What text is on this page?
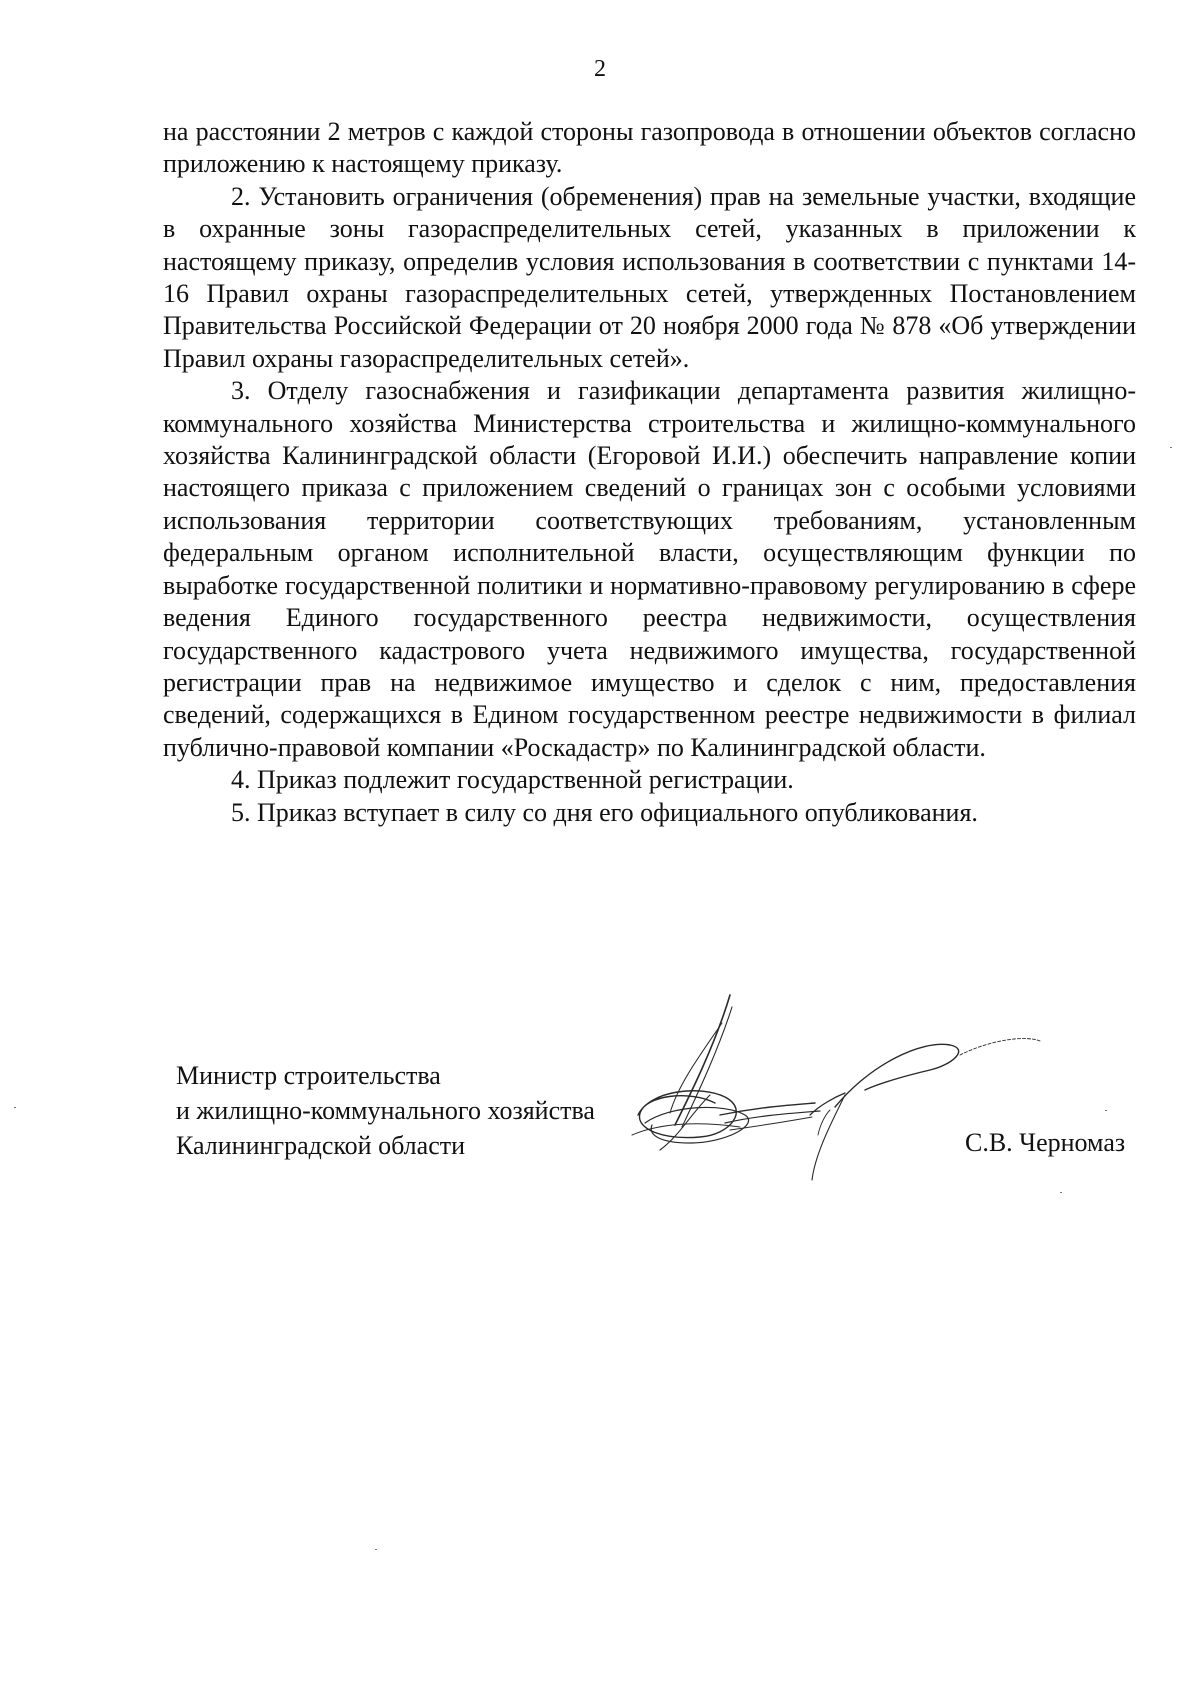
2

на расстоянии 2 метров с каждой стороны газопровода в отношении объектов согласно приложению к настоящему приказу.

2. Установить ограничения (обременения) прав на земельные участки, входящие в охранные зоны газораспределительных сетей, указанных в приложении к настоящему приказу, определив условия использования в соответствии с пунктами 14-16 Правил охраны газораспределительных сетей, утвержденных Постановлением Правительства Российской Федерации от 20 ноября 2000 года № 878 «Об утверждении Правил охраны газораспределительных сетей».

3. Отделу газоснабжения и газификации департамента развития жилищно-коммунального хозяйства Министерства строительства и жилищно-коммунального хозяйства Калининградской области (Егоровой И.И.) обеспечить направление копии настоящего приказа с приложением сведений о границах зон с особыми условиями использования территории соответствующих требованиям, установленным федеральным органом исполнительной власти, осуществляющим функции по выработке государственной политики и нормативно-правовому регулированию в сфере ведения Единого государственного реестра недвижимости, осуществления государственного кадастрового учета недвижимого имущества, государственной регистрации прав на недвижимое имущество и сделок с ним, предоставления сведений, содержащихся в Едином государственном реестре недвижимости в филиал публично-правовой компании «Роскадастр» по Калининградской области.

4. Приказ подлежит государственной регистрации.

5. Приказ вступает в силу со дня его официального опубликования.

Министр строительства
и жилищно-коммунального хозяйства
Калининградской области	С.В. Черномаз
